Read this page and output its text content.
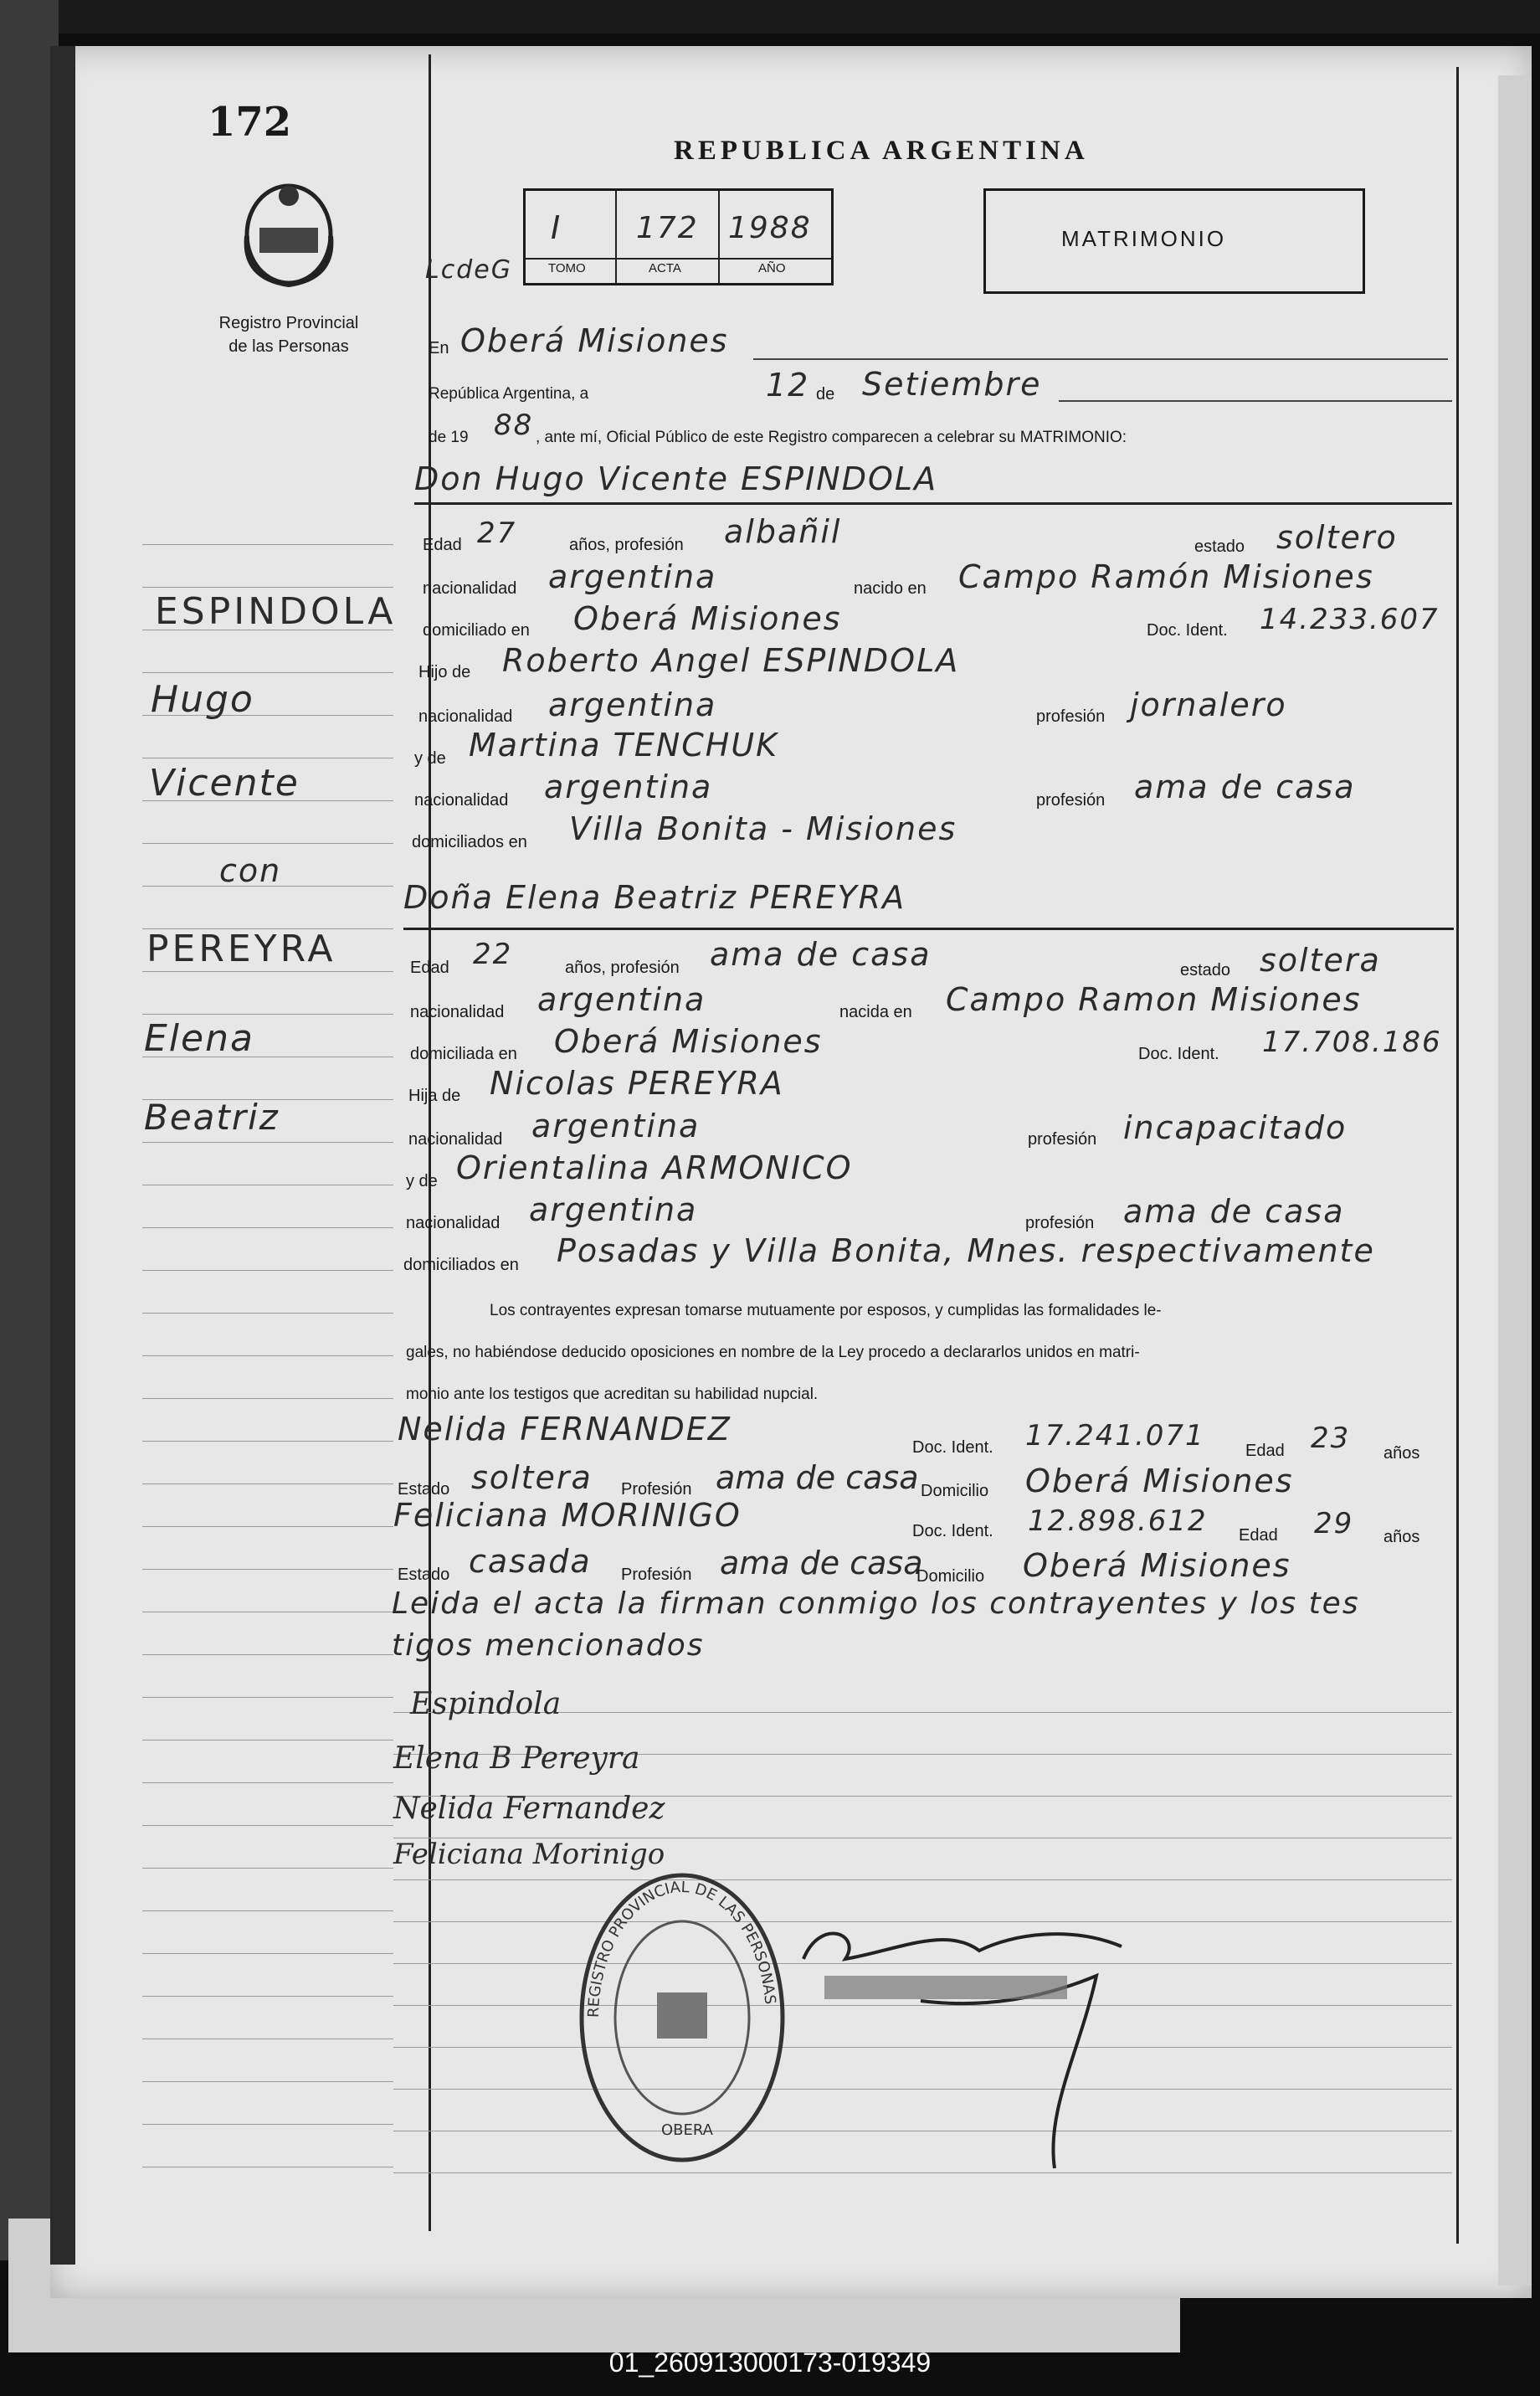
172
Registro Provincial
de las Personas
REPUBLICA ARGENTINA
MATRIMONIO
LcdeG
I 172 1988
TOMO	ACTA	AÑO
ESPINDOLA
Hugo
Vicente
con
PEREYRA
Elena
Beatriz
En Oberá Misiones
República Argentina, a	12 de Setiembre
de 19 88 , ante mí, Oficial Público de este Registro comparecen a celebrar su MATRIMONIO:
Don Hugo Vicente ESPINDOLA
Edad 27	años, profesión albañil	estado soltero
nacionalidad argentina	nacido en Campo Ramón Misiones
domiciliado en Oberá Misiones	Doc. Ident. 14.233.607
Hijo de Roberto Angel ESPINDOLA
nacionalidad argentina	profesión jornalero
y de Martina TENCHUK
nacionalidad argentina	profesión ama de casa
domiciliados en Villa Bonita - Misiones
Doña Elena Beatriz PEREYRA
Edad 22	años, profesión ama de casa	estado soltera
nacionalidad argentina	nacida en Campo Ramon Misiones
domiciliada en Oberá Misiones	Doc. Ident. 17.708.186
Hija de Nicolas PEREYRA
nacionalidad argentina	profesión incapacitado
y de Orientalina ARMONICO
nacionalidad argentina	profesión ama de casa
domiciliados en Posadas y Villa Bonita, Mnes. respectivamente
Los contrayentes expresan tomarse mutuamente por esposos, y cumplidas las formalidades le-
gales, no habiéndose deducido oposiciones en nombre de la Ley procedo a declararlos unidos en matri-
monio ante los testigos que acreditan su habilidad nupcial.
Nelida FERNANDEZ	Doc. Ident. 17.241.071 Edad 23 años
Estado soltera Profesión ama de casa Domicilio Oberá Misiones
Feliciana MORINIGO	Doc. Ident. 12.898.612 Edad 29 años
Estado casada Profesión ama de casa
Domicilio Oberá Misiones
Leida el acta la firman conmigo los contrayentes y los tes
tigos mencionados
Espindola
Elena B Pereyra
Nelida Fernandez
Feliciana Morinigo
REGISTRO PROVINCIAL DE LAS PERSONAS
OBERA
01_260913000173-019349
